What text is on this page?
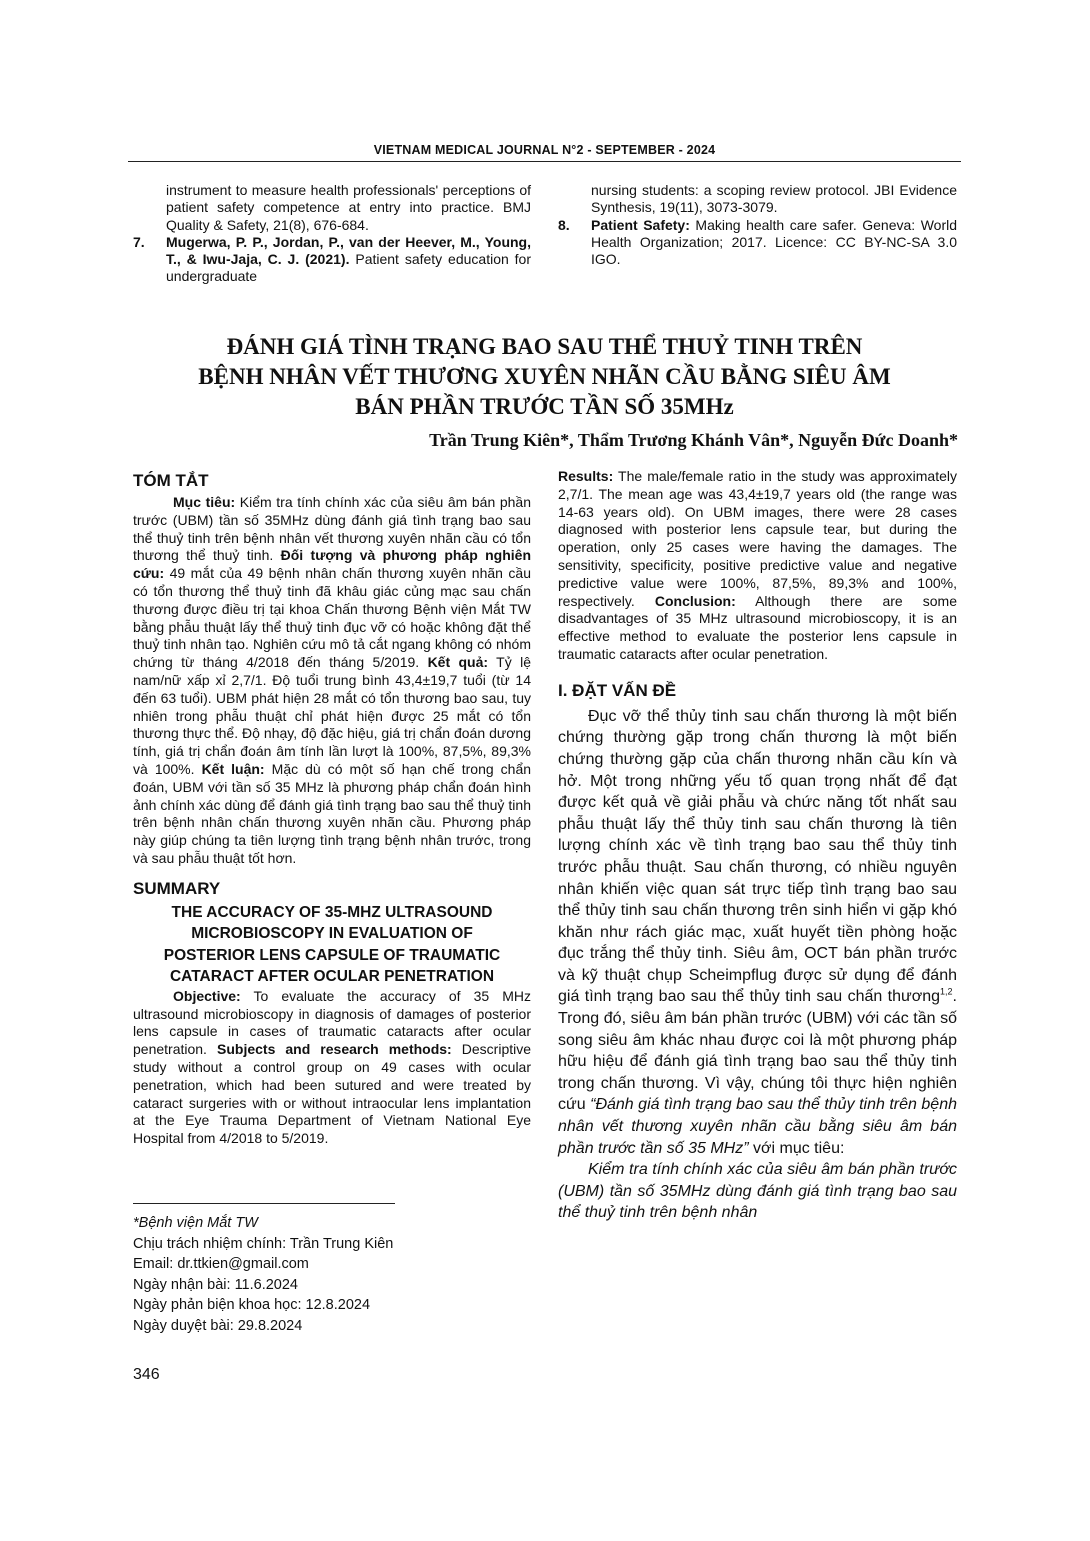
VIETNAM MEDICAL JOURNAL N°2 - SEPTEMBER - 2024
instrument to measure health professionals' perceptions of patient safety competence at entry into practice. BMJ Quality & Safety, 21(8), 676-684.
7. Mugerwa, P. P., Jordan, P., van der Heever, M., Young, T., & Iwu-Jaja, C. J. (2021). Patient safety education for undergraduate
nursing students: a scoping review protocol. JBI Evidence Synthesis, 19(11), 3073-3079.
8. Patient Safety: Making health care safer. Geneva: World Health Organization; 2017. Licence: CC BY-NC-SA 3.0 IGO.
ĐÁNH GIÁ TÌNH TRẠNG BAO SAU THỂ THUỶ TINH TRÊN
BỆNH NHÂN VẾT THƯƠNG XUYÊN NHÃN CẦU BẰNG SIÊU ÂM
BÁN PHẦN TRƯỚC TẦN SỐ 35MHz
Trần Trung Kiên*, Thẩm Trương Khánh Vân*, Nguyễn Đức Doanh*
TÓM TẮT

Mục tiêu: Kiểm tra tính chính xác của siêu âm bán phần trước (UBM) tần số 35MHz dùng đánh giá tình trạng bao sau thể thuỷ tinh trên bệnh nhân vết thương xuyên nhãn cầu có tổn thương thể thuỷ tinh. Đối tượng và phương pháp nghiên cứu: 49 mắt của 49 bệnh nhân chấn thương xuyên nhãn cầu có tổn thương thể thuỷ tinh đã khâu giác củng mạc sau chấn thương được điều trị tại khoa Chấn thương Bệnh viện Mắt TW bằng phẫu thuật lấy thể thuỷ tinh đục vỡ có hoặc không đặt thể thuỷ tinh nhân tạo. Nghiên cứu mô tả cắt ngang không có nhóm chứng từ tháng 4/2018 đến tháng 5/2019. Kết quả: Tỷ lệ nam/nữ xấp xỉ 2,7/1. Độ tuổi trung bình 43,4±19,7 tuổi (từ 14 đến 63 tuổi). UBM phát hiện 28 mắt có tổn thương bao sau, tuy nhiên trong phẫu thuật chỉ phát hiện được 25 mắt có tổn thương thực thể. Độ nhạy, độ đặc hiệu, giá trị chẩn đoán dương tính, giá trị chẩn đoán âm tính lần lượt là 100%, 87,5%, 89,3% và 100%. Kết luận: Mặc dù có một số hạn chế trong chẩn đoán, UBM với tần số 35 MHz là phương pháp chẩn đoán hình ảnh chính xác dùng để đánh giá tình trạng bao sau thể thuỷ tinh trên bệnh nhân chấn thương xuyên nhãn cầu. Phương pháp này giúp chúng ta tiên lượng tình trạng bệnh nhân trước, trong và sau phẫu thuật tốt hơn.

SUMMARY
THE ACCURACY OF 35-MHZ ULTRASOUND
MICROBIOSCOPY IN EVALUATION OF
POSTERIOR LENS CAPSULE OF TRAUMATIC
CATARACT AFTER OCULAR PENETRATION

Objective: To evaluate the accuracy of 35 MHz ultrasound microbioscopy in diagnosis of damages of posterior lens capsule in cases of traumatic cataracts after ocular penetration. Subjects and research methods: Descriptive study without a control group on 49 cases with ocular penetration, which had been sutured and were treated by cataract surgeries with or without intraocular lens implantation at the Eye Trauma Department of Vietnam National Eye Hospital from 4/2018 to 5/2019.

*Bệnh viện Mắt TW
Chịu trách nhiệm chính: Trần Trung Kiên
Email: dr.ttkien@gmail.com
Ngày nhận bài: 11.6.2024
Ngày phản biện khoa học: 12.8.2024
Ngày duyệt bài: 29.8.2024
346

Results: The male/female ratio in the study was approximately 2,7/1. The mean age was 43,4±19,7 years old (the range was 14-63 years old). On UBM images, there were 28 cases diagnosed with posterior lens capsule tear, but during the operation, only 25 cases were having the damages. The sensitivity, specificity, positive predictive value and negative predictive value were 100%, 87,5%, 89,3% and 100%, respectively. Conclusion: Although there are some disadvantages of 35 MHz ultrasound microbioscopy, it is an effective method to evaluate the posterior lens capsule in traumatic cataracts after ocular penetration.

I. ĐẶT VẤN ĐỀ

Đục vỡ thể thủy tinh sau chấn thương là một biến chứng thường gặp trong chấn thương là một biến chứng thường gặp của chấn thương nhãn cầu kín và hở. Một trong những yếu tố quan trọng nhất để đạt được kết quả về giải phẫu và chức năng tốt nhất sau phẫu thuật lấy thể thủy tinh sau chấn thương là tiên lượng chính xác về tình trạng bao sau thể thủy tinh trước phẫu thuật. Sau chấn thương, có nhiều nguyên nhân khiến việc quan sát trực tiếp tình trạng bao sau thể thủy tinh sau chấn thương trên sinh hiển vi gặp khó khăn như rách giác mạc, xuất huyết tiền phòng hoặc đục trắng thể thủy tinh. Siêu âm, OCT bán phần trước và kỹ thuật chụp Scheimpflug được sử dụng để đánh giá tình trạng bao sau thể thủy tinh sau chấn thương$^{1,2}$. Trong đó, siêu âm bán phần trước (UBM) với các tần số song siêu âm khác nhau được coi là một phương pháp hữu hiệu để đánh giá tình trạng bao sau thể thủy tinh trong chấn thương. Vì vậy, chúng tôi thực hiện nghiên cứu “Đánh giá tình trạng bao sau thể thủy tinh trên bệnh nhân vết thương xuyên nhãn cầu bằng siêu âm bán phần trước tần số 35 MHz” với mục tiêu:

Kiểm tra tính chính xác của siêu âm bán phần trước (UBM) tần số 35MHz dùng đánh giá tình trạng bao sau thể thuỷ tinh trên bệnh nhân
